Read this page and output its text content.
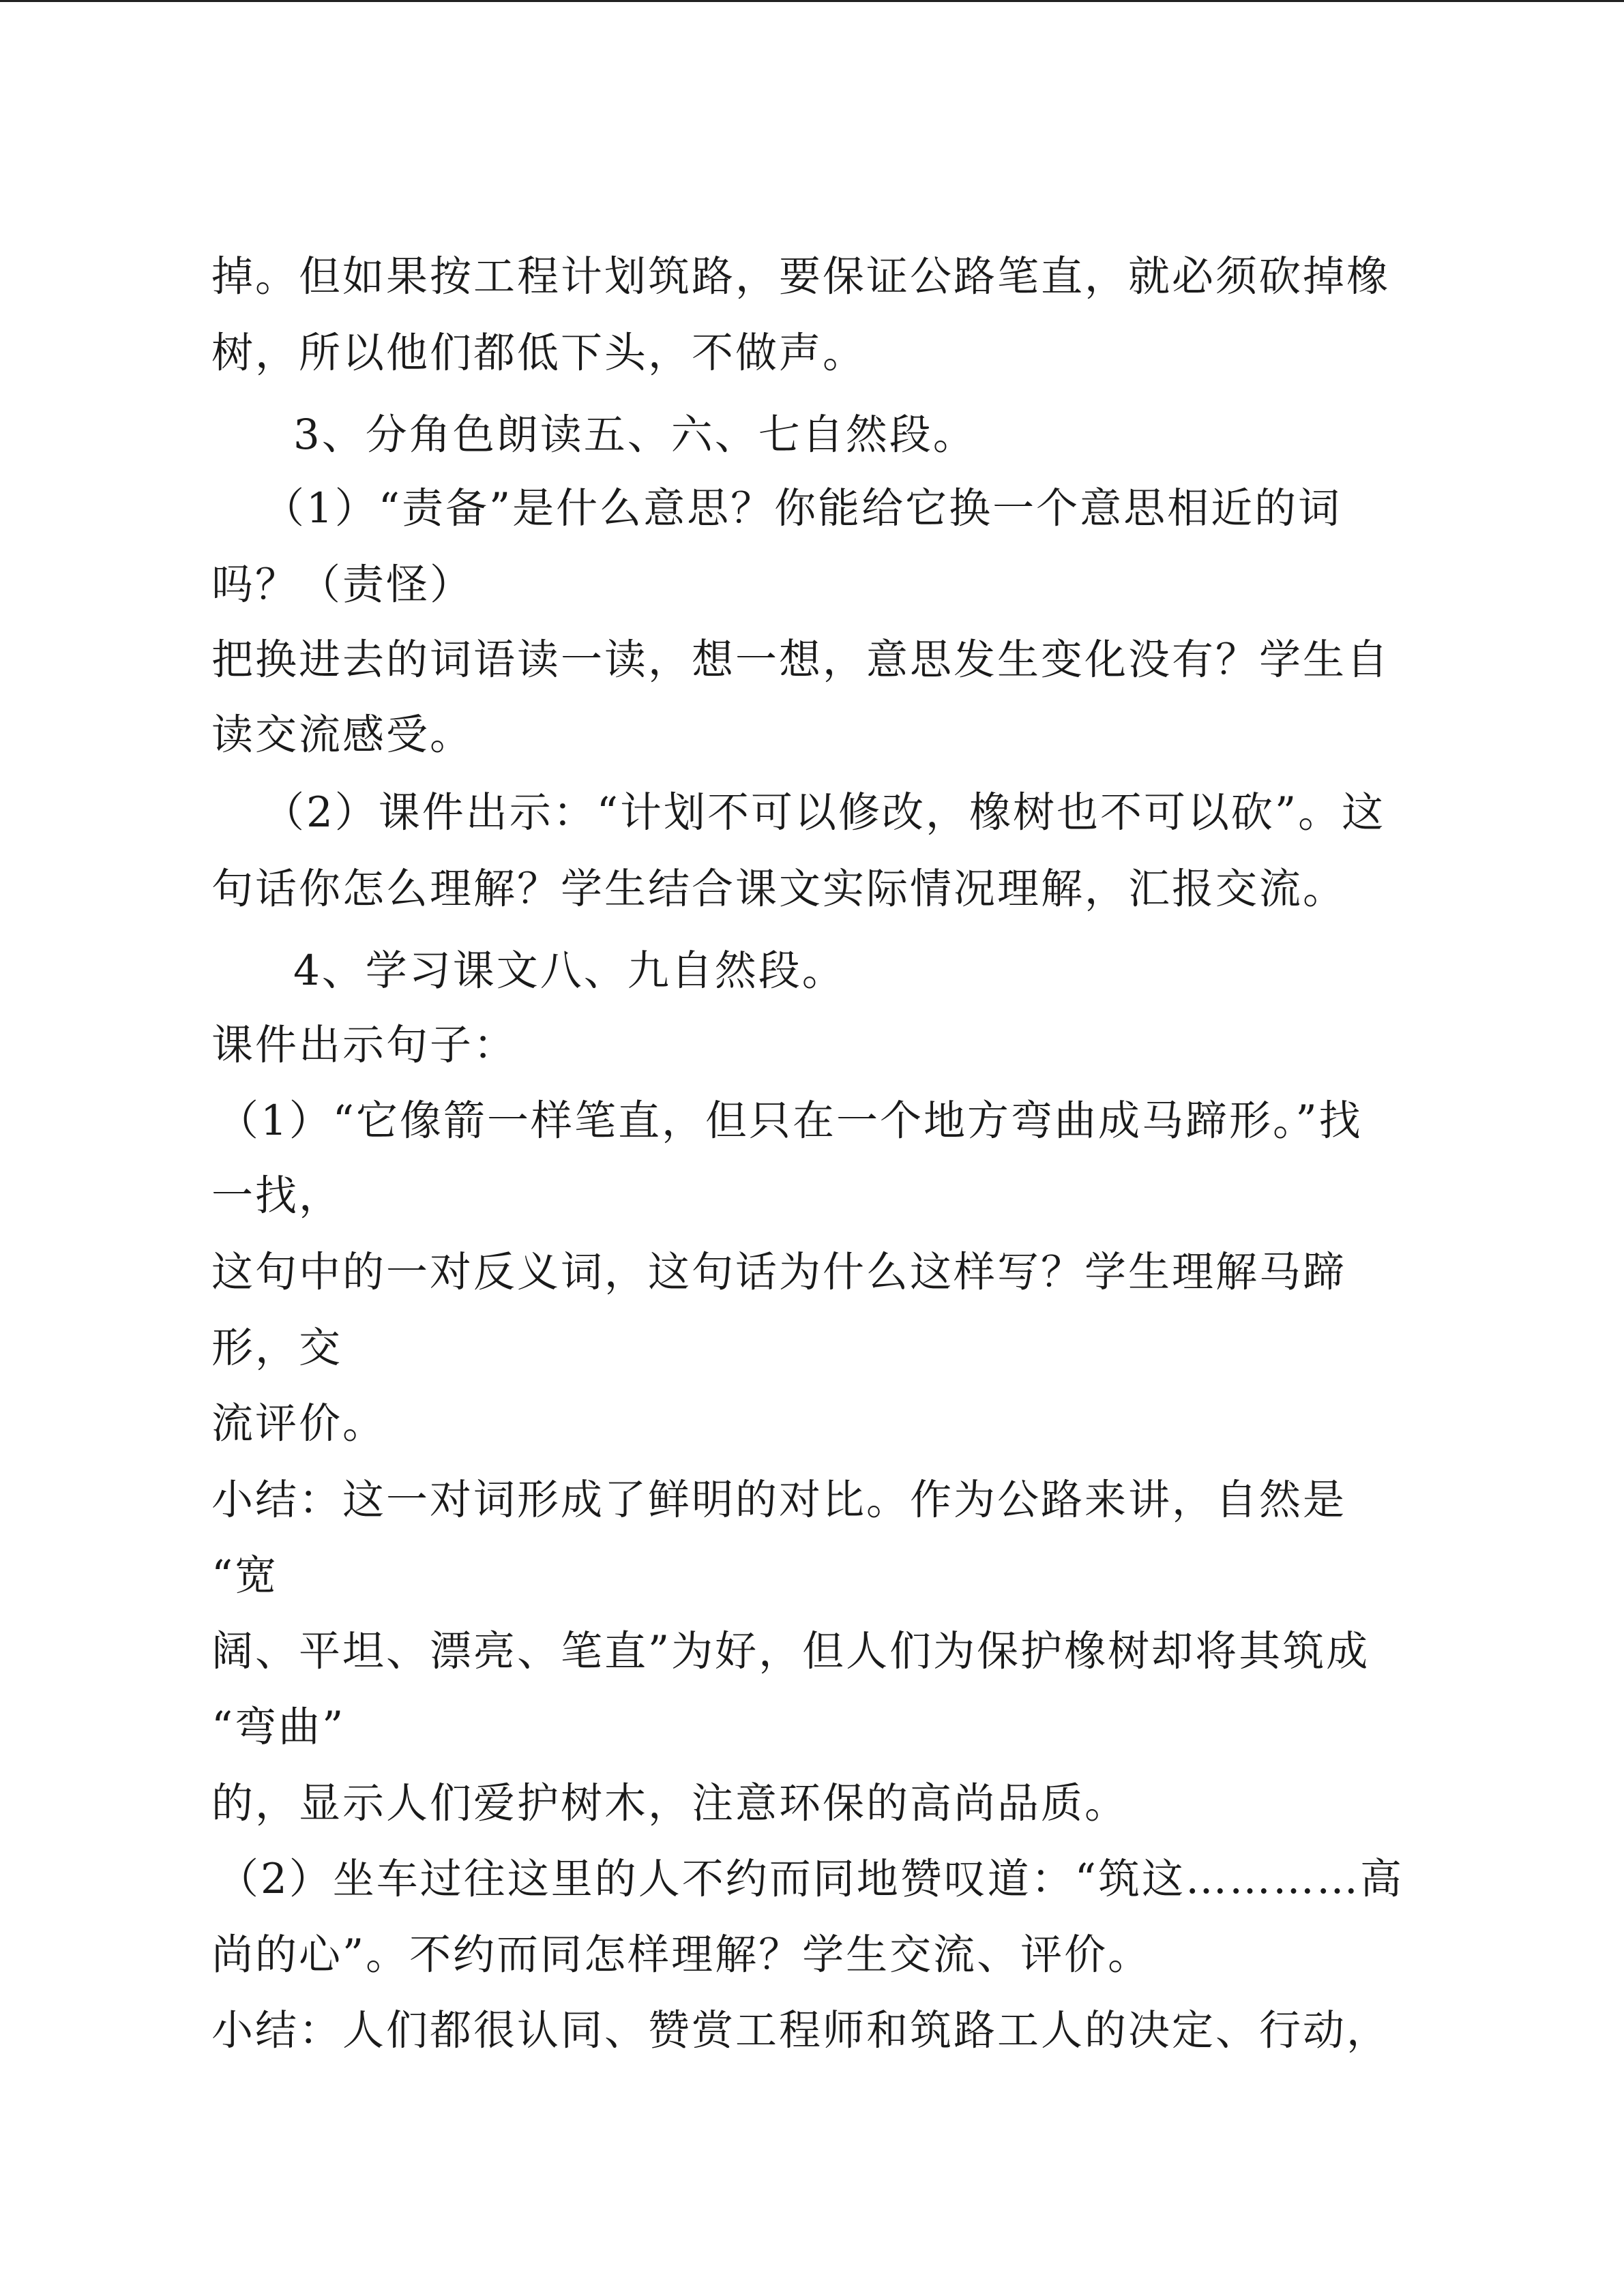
掉。但如果按工程计划筑路，要保证公路笔直，就必须砍掉橡

树，所以他们都低下头，不做声。

3、分角色朗读五、六、七自然段。

（1）“责备”是什么意思？你能给它换一个意思相近的词

吗？（责怪）

把换进去的词语读一读，想一想，意思发生变化没有？学生自

读交流感受。

（2）课件出示：“计划不可以修改，橡树也不可以砍”。这

句话你怎么理解？学生结合课文实际情况理解，汇报交流。

4、学习课文八、九自然段。

课件出示句子：

（1）“它像箭一样笔直，但只在一个地方弯曲成马蹄形。”找

一找，

这句中的一对反义词，这句话为什么这样写？学生理解马蹄

形，交

流评价。

小结：这一对词形成了鲜明的对比。作为公路来讲，自然是

“宽

阔、平坦、漂亮、笔直”为好，但人们为保护橡树却将其筑成

“弯曲”

的，显示人们爱护树木，注意环保的高尚品质。

（2）坐车过往这里的人不约而同地赞叹道：“筑这…………高

尚的心”。不约而同怎样理解？学生交流、评价。

小结：人们都很认同、赞赏工程师和筑路工人的决定、行动，
